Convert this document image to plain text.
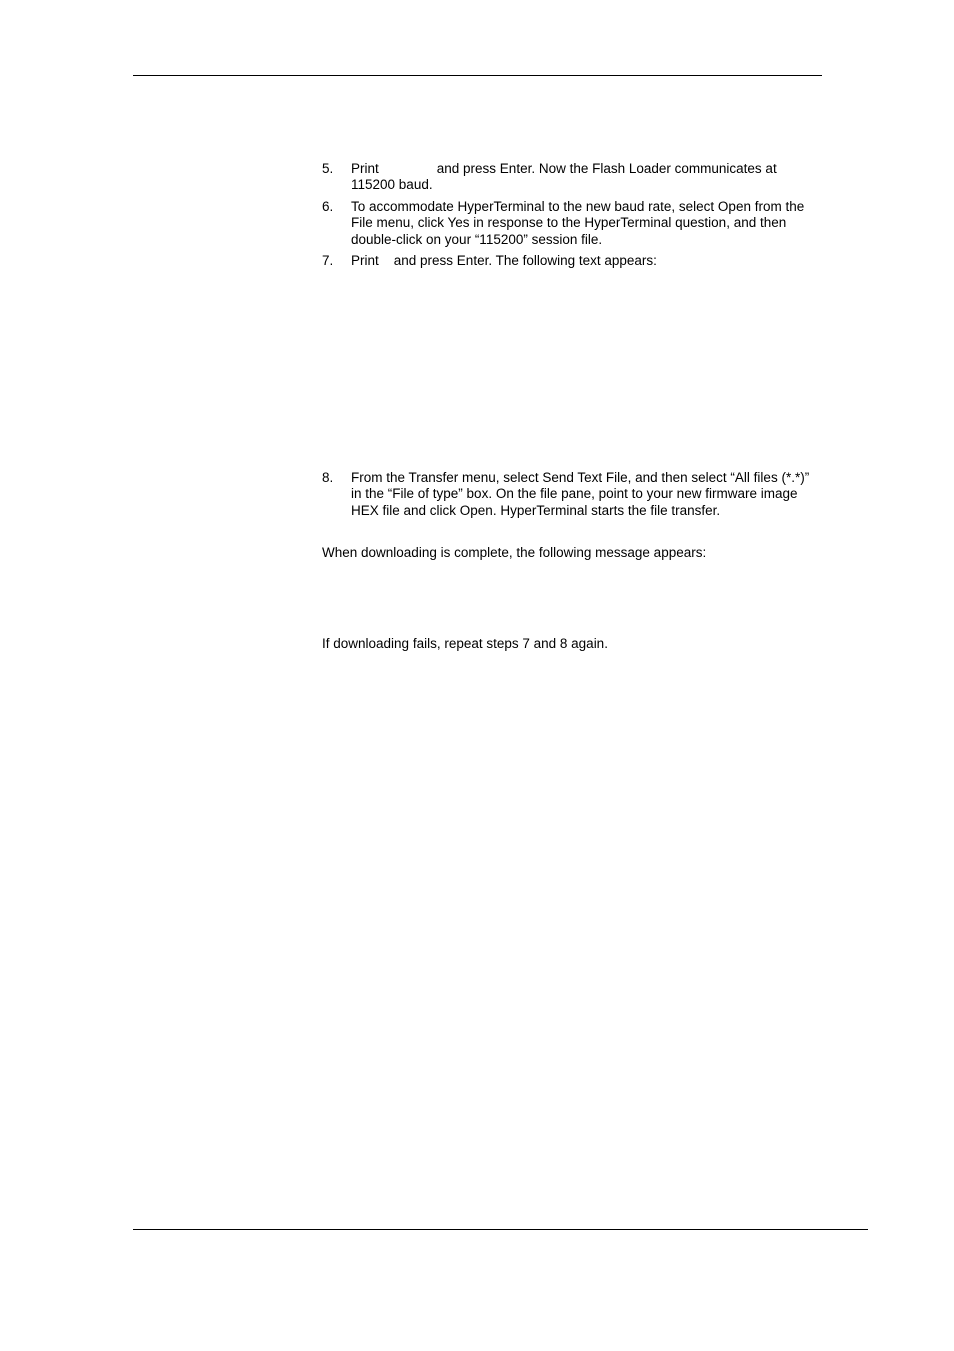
5. Print	and press Enter. Now the Flash Loader communicates at 115200 baud.
6. To accommodate HyperTerminal to the new baud rate, select Open from the File menu, click Yes in response to the HyperTerminal question, and then double-click on your “115200” session file.
7. Print and press Enter. The following text appears:
8. From the Transfer menu, select Send Text File, and then select “All files (*.*)” in the “File of type” box. On the file pane, point to your new firmware image HEX file and click Open. HyperTerminal starts the file transfer.
When downloading is complete, the following message appears:
If downloading fails, repeat steps 7 and 8 again.
